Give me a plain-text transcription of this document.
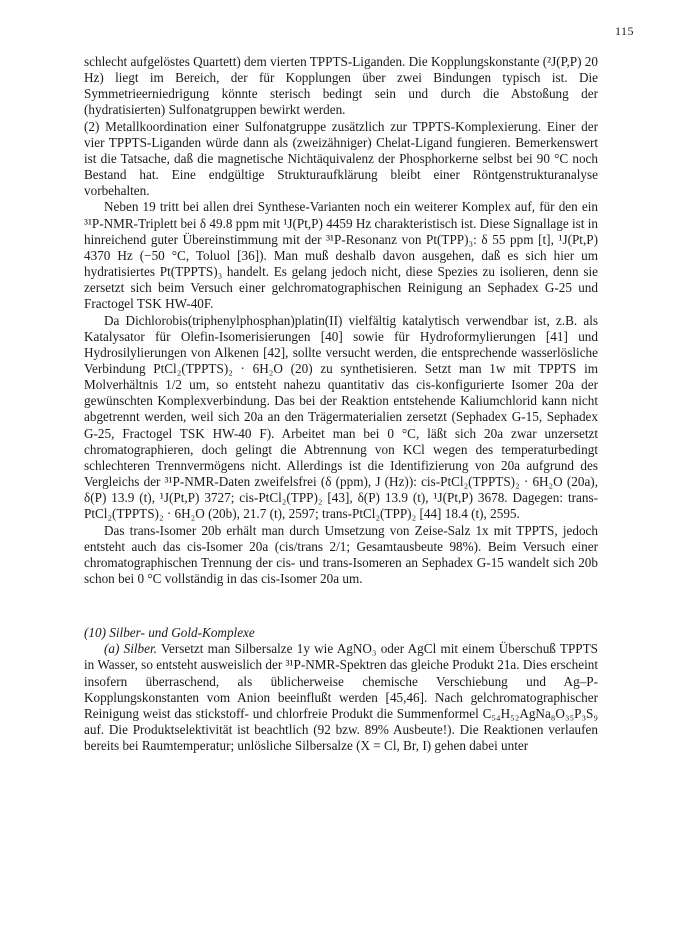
115

schlecht aufgelöstes Quartett) dem vierten TPPTS-Liganden. Die Kopplungskonstante (²J(P,P) 20 Hz) liegt im Bereich, der für Kopplungen über zwei Bindungen typisch ist. Die Symmetrieerniedrigung könnte sterisch bedingt sein und durch die Abstoßung der (hydratisierten) Sulfonatgruppen bewirkt werden.

(2) Metallkoordination einer Sulfonatgruppe zusätzlich zur TPPTS-Komplexierung. Einer der vier TPPTS-Liganden würde dann als (zweizähniger) Chelat-Ligand fungieren. Bemerkenswert ist die Tatsache, daß die magnetische Nichtäquivalenz der Phosphorkerne selbst bei 90 °C noch Bestand hat. Eine endgültige Strukturaufklärung bleibt einer Röntgenstrukturanalyse vorbehalten.

Neben 19 tritt bei allen drei Synthese-Varianten noch ein weiterer Komplex auf, für den ein ³¹P-NMR-Triplett bei δ 49.8 ppm mit ¹J(Pt,P) 4459 Hz charakteristisch ist. Diese Signallage ist in hinreichend guter Übereinstimmung mit der ³¹P-Resonanz von Pt(TPP)₃: δ 55 ppm [t], ¹J(Pt,P) 4370 Hz (−50 °C, Toluol [36]). Man muß deshalb davon ausgehen, daß es sich hier um hydratisiertes Pt(TPPTS)₃ handelt. Es gelang jedoch nicht, diese Spezies zu isolieren, denn sie zersetzt sich beim Versuch einer gelchromatographischen Reinigung an Sephadex G-25 und Fractogel TSK HW-40F.

Da Dichlorobis(triphenylphosphan)platin(II) vielfältig katalytisch verwendbar ist, z.B. als Katalysator für Olefin-Isomerisierungen [40] sowie für Hydroformylierungen [41] und Hydrosilylierungen von Alkenen [42], sollte versucht werden, die entsprechende wasserlösliche Verbindung PtCl₂(TPPTS)₂ · 6H₂O (20) zu synthetisieren. Setzt man 1w mit TPPTS im Molverhältnis 1/2 um, so entsteht nahezu quantitativ das cis-konfigurierte Isomer 20a der gewünschten Komplexverbindung. Das bei der Reaktion entstehende Kaliumchlorid kann nicht abgetrennt werden, weil sich 20a an den Trägermaterialien zersetzt (Sephadex G-15, Sephadex G-25, Fractogel TSK HW-40 F). Arbeitet man bei 0 °C, läßt sich 20a zwar unzersetzt chromatographieren, doch gelingt die Abtrennung von KCl wegen des temperaturbedingt schlechteren Trennvermögens nicht. Allerdings ist die Identifizierung von 20a aufgrund des Vergleichs der ³¹P-NMR-Daten zweifelsfrei (δ (ppm), J (Hz)): cis-PtCl₂(TPPTS)₂ · 6H₂O (20a), δ(P) 13.9 (t), ¹J(Pt,P) 3727; cis-PtCl₂(TPP)₂ [43], δ(P) 13.9 (t), ¹J(Pt,P) 3678. Dagegen: trans-PtCl₂(TPPTS)₂ · 6H₂O (20b), 21.7 (t), 2597; trans-PtCl₂(TPP)₂ [44] 18.4 (t), 2595.

Das trans-Isomer 20b erhält man durch Umsetzung von Zeise-Salz 1x mit TPPTS, jedoch entsteht auch das cis-Isomer 20a (cis/trans 2/1; Gesamtausbeute 98%). Beim Versuch einer chromatographischen Trennung der cis- und trans-Isomeren an Sephadex G-15 wandelt sich 20b schon bei 0 °C vollständig in das cis-Isomer 20a um.

(10) Silber- und Gold-Komplexe

(a) Silber. Versetzt man Silbersalze 1y wie AgNO₃ oder AgCl mit einem Überschuß TPPTS in Wasser, so entsteht ausweislich der ³¹P-NMR-Spektren das gleiche Produkt 21a. Dies erscheint insofern überraschend, als üblicherweise chemische Verschiebung und Ag–P-Kopplungskonstanten vom Anion beeinflußt werden [45,46]. Nach gelchromatographischer Reinigung weist das stickstoff- und chlorfreie Produkt die Summenformel C₅₄H₅₂AgNa₈O₃₅P₃S₉ auf. Die Produktselektivität ist beachtlich (92 bzw. 89% Ausbeute!). Die Reaktionen verlaufen bereits bei Raumtemperatur; unlösliche Silbersalze (X = Cl, Br, I) gehen dabei unter
